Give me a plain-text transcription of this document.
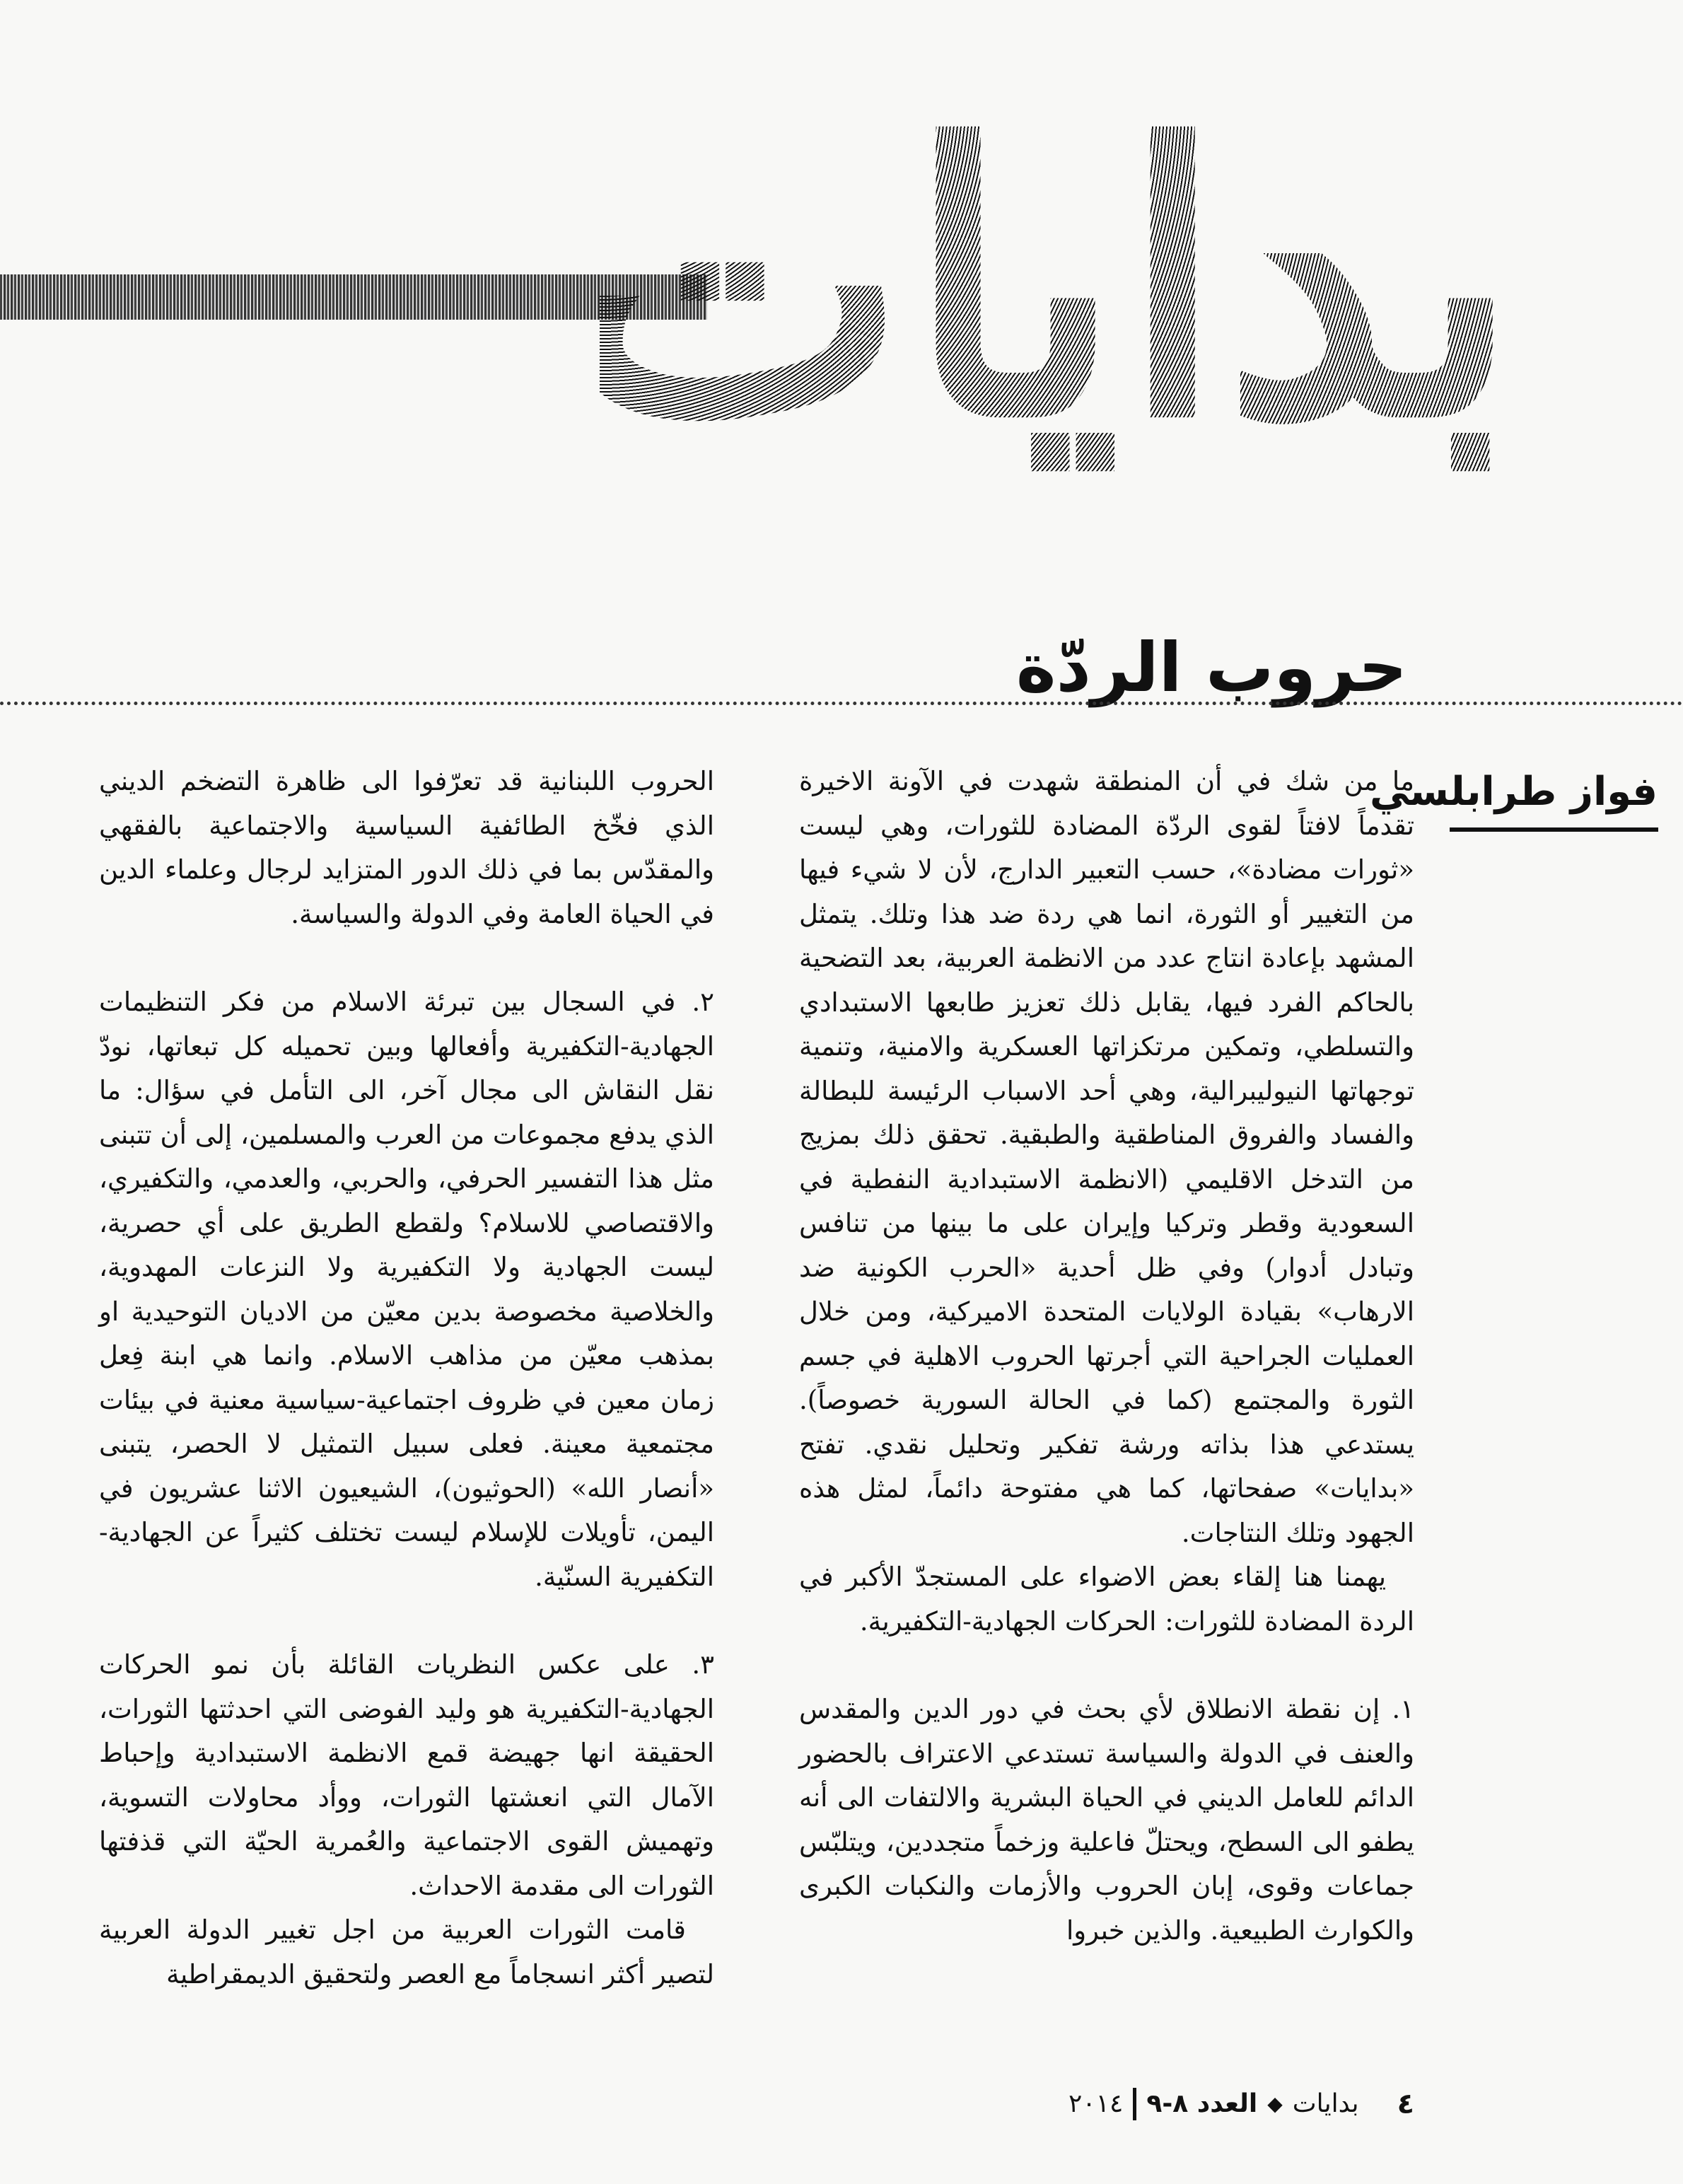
بدايات
حروب الردّة
فواز طرابلسي

ما من شك في أن المنطقة شهدت في الآونة الاخيرة تقدماً لافتاً لقوى الردّة المضادة للثورات، وهي ليست «ثورات مضادة»، حسب التعبير الدارج، لأن لا شيء فيها من التغيير أو الثورة، انما هي ردة ضد هذا وتلك. يتمثل المشهد بإعادة انتاج عدد من الانظمة العربية، بعد التضحية بالحاكم الفرد فيها، يقابل ذلك تعزيز طابعها الاستبدادي والتسلطي، وتمكين مرتكزاتها العسكرية والامنية، وتنمية توجهاتها النيوليبرالية، وهي أحد الاسباب الرئيسة للبطالة والفساد والفروق المناطقية والطبقية. تحقق ذلك بمزيج من التدخل الاقليمي (الانظمة الاستبدادية النفطية في السعودية وقطر وتركيا وإيران على ما بينها من تنافس وتبادل أدوار) وفي ظل أحدية «الحرب الكونية ضد الارهاب» بقيادة الولايات المتحدة الاميركية، ومن خلال العمليات الجراحية التي أجرتها الحروب الاهلية في جسم الثورة والمجتمع (كما في الحالة السورية خصوصاً). يستدعي هذا بذاته ورشة تفكير وتحليل نقدي. تفتح «بدايات» صفحاتها، كما هي مفتوحة دائماً، لمثل هذه الجهود وتلك النتاجات.

يهمنا هنا إلقاء بعض الاضواء على المستجدّ الأكبر في الردة المضادة للثورات: الحركات الجهادية-التكفيرية.

١. إن نقطة الانطلاق لأي بحث في دور الدين والمقدس والعنف في الدولة والسياسة تستدعي الاعتراف بالحضور الدائم للعامل الديني في الحياة البشرية والالتفات الى أنه يطفو الى السطح، ويحتلّ فاعلية وزخماً متجددين، ويتلبّس جماعات وقوى، إبان الحروب والأزمات والنكبات الكبرى والكوارث الطبيعية. والذين خبروا

الحروب اللبنانية قد تعرّفوا الى ظاهرة التضخم الديني الذي فخّخ الطائفية السياسية والاجتماعية بالفقهي والمقدّس بما في ذلك الدور المتزايد لرجال وعلماء الدين في الحياة العامة وفي الدولة والسياسة.

٢. في السجال بين تبرئة الاسلام من فكر التنظيمات الجهادية-التكفيرية وأفعالها وبين تحميله كل تبعاتها، نودّ نقل النقاش الى مجال آخر، الى التأمل في سؤال: ما الذي يدفع مجموعات من العرب والمسلمين، إلى أن تتبنى مثل هذا التفسير الحرفي، والحربي، والعدمي، والتكفيري، والاقتصاصي للاسلام؟ ولقطع الطريق على أي حصرية، ليست الجهادية ولا التكفيرية ولا النزعات المهدوية، والخلاصية مخصوصة بدين معيّن من الاديان التوحيدية او بمذهب معيّن من مذاهب الاسلام. وانما هي ابنة فِعل زمان معين في ظروف اجتماعية-سياسية معنية في بيئات مجتمعية معينة. فعلى سبيل التمثيل لا الحصر، يتبنى «أنصار الله» (الحوثيون)، الشيعيون الاثنا عشريون في اليمن، تأويلات للإسلام ليست تختلف كثيراً عن الجهادية-التكفيرية السنّية.

٣. على عكس النظريات القائلة بأن نمو الحركات الجهادية-التكفيرية هو وليد الفوضى التي احدثتها الثورات، الحقيقة انها جهيضة قمع الانظمة الاستبدادية وإحباط الآمال التي انعشتها الثورات، ووأد محاولات التسوية، وتهميش القوى الاجتماعية والعُمرية الحيّة التي قذفتها الثورات الى مقدمة الاحداث.

قامت الثورات العربية من اجل تغيير الدولة العربية لتصير أكثر انسجاماً مع العصر ولتحقيق الديمقراطية

٤
بدايات
◆
العدد ٨-٩
٢٠١٤
